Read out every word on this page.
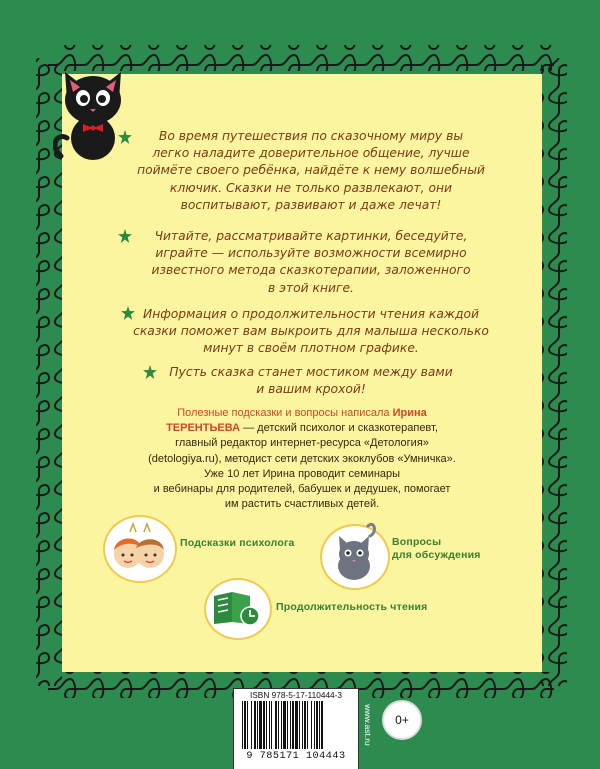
Во время путешествия по сказочному миру вы
легко наладите доверительное общение, лучше
поймёте своего ребёнка, найдёте к нему волшебный
ключик. Сказки не только развлекают, они
воспитывают, развивают и даже лечат!
Читайте, рассматривайте картинки, беседуйте,
играйте — используйте возможности всемирно
известного метода сказкотерапии, заложенного
в этой книге.
Информация о продолжительности чтения каждой
сказки поможет вам выкроить для малыша несколько
минут в своём плотном графике.
Пусть сказка станет мостиком между вами
и вашим крохой!
Полезные подсказки и вопросы написала Ирина
ТЕРЕНТЬЕВА — детский психолог и сказкотерапевт,
главный редактор интернет-ресурса «Детология»
(detologiya.ru), методист сети детских экоклубов «Умничка».
Уже 10 лет Ирина проводит семинары
и вебинары для родителей, бабушек и дедушек, помогает
им растить счастливых детей.
Подсказки психолога	Вопросы
для обсуждения
Продолжительность чтения
ISBN 978-5-17-110444-3
9 785171 104443
www.ast.ru	0+
